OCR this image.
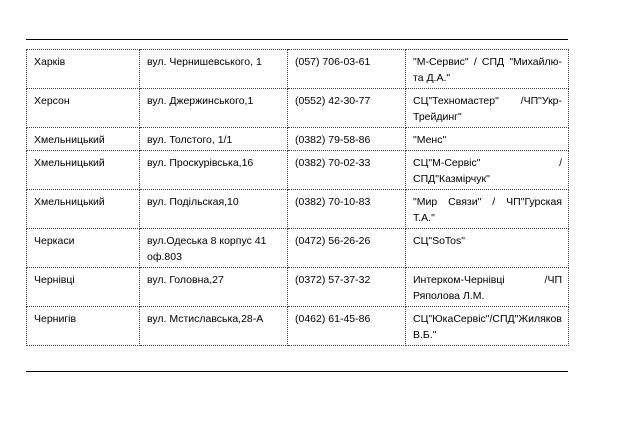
Харків	вул. Чернишевського, 1	(057) 706-03-61	"М-Сервис" / СПД "Михайлю-та Д.А."
Херсон	вул. Джержинського,1	(0552) 42-30-77	СЦ"Техномастер" /ЧП"Укр-Трейдинг"
Хмельницький	вул. Толстого, 1/1	(0382) 79-58-86	"Менс"
Хмельницький	вул. Проскурівська,16	(0382) 70-02-33	СЦ"М-Сервіс" /СПД"Казмірчук"
Хмельницький	вул. Подільская,10	(0382) 70-10-83	"Мир Связи" / ЧП"Гурская Т.А."
Черкаси	вул.Одеська 8 корпус 41 оф.803	(0472) 56-26-26	СЦ"SoTos"
Чернівці	вул. Головна,27	(0372) 57-37-32	Интерком-Чернівці /ЧП Ряполова Л.М.
Чернигів	вул. Мстиславська,28-А	(0462) 61-45-86	СЦ"ЮкаСервіс"/СПД"Жиляков В.Б."
